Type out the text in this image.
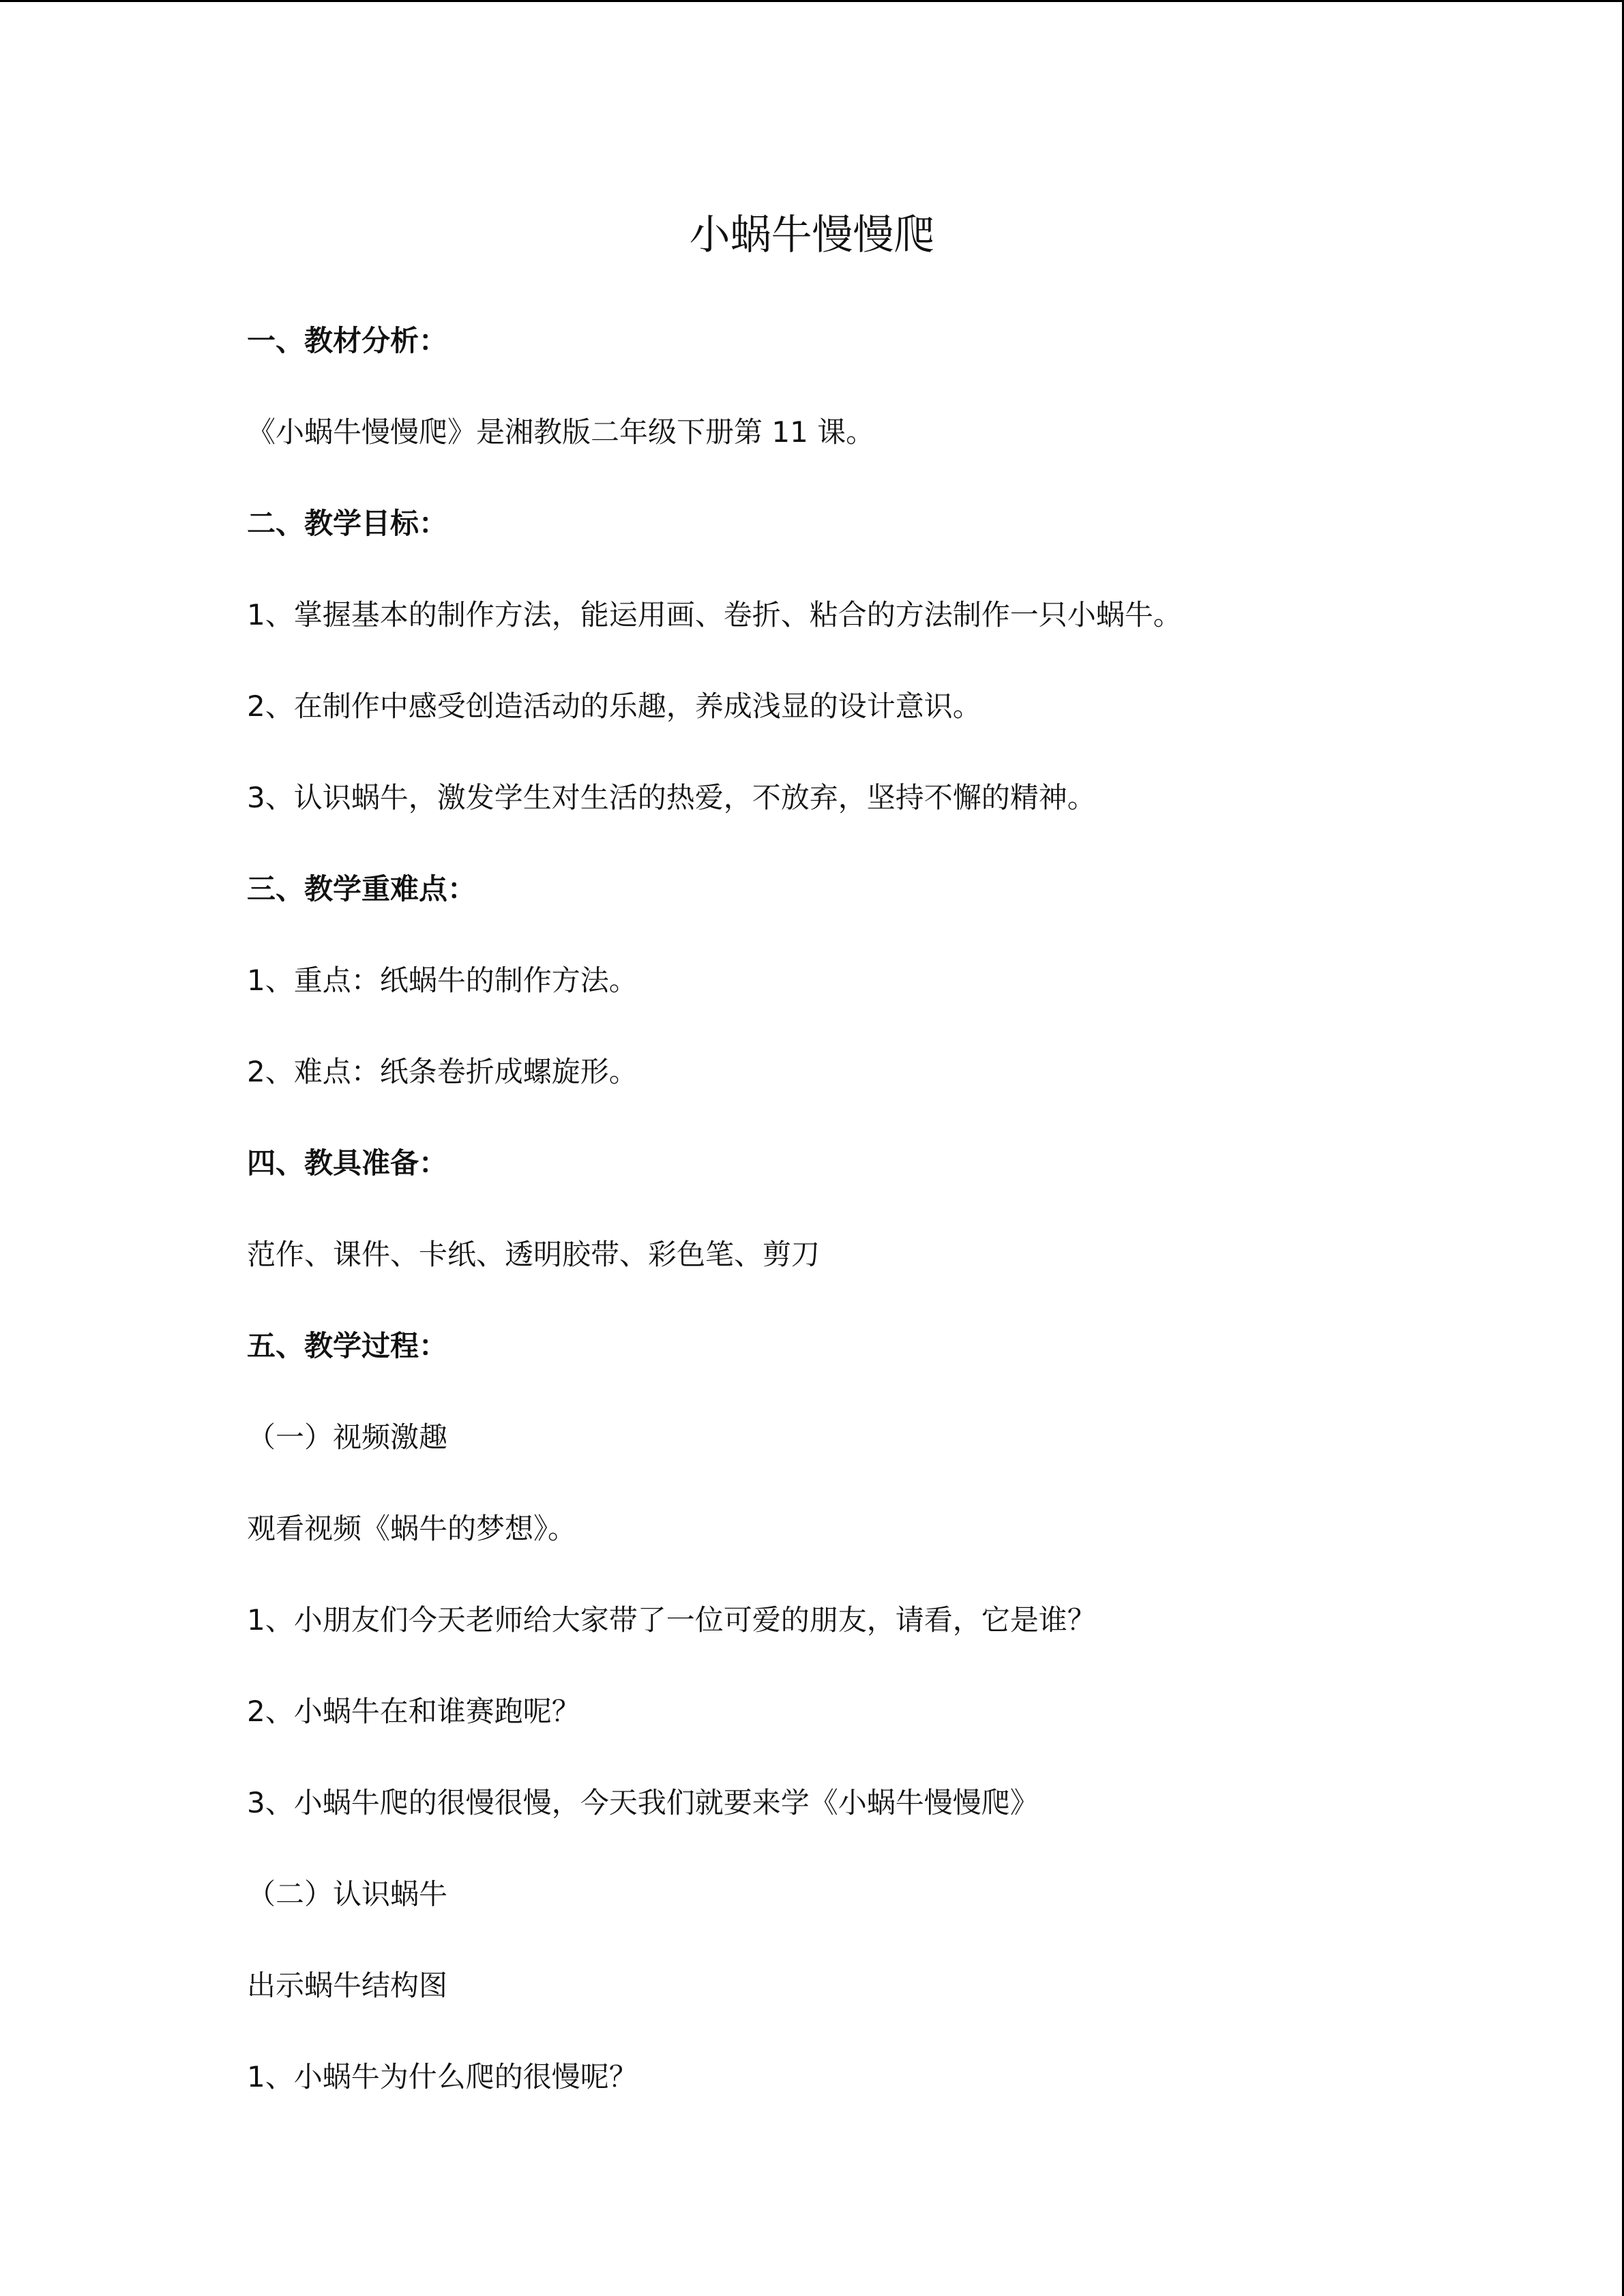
小蜗牛慢慢爬
一、教材分析：
《小蜗牛慢慢爬》是湘教版二年级下册第 11 课。
二、教学目标：
1、掌握基本的制作方法，能运用画、卷折、粘合的方法制作一只小蜗牛。
2、在制作中感受创造活动的乐趣，养成浅显的设计意识。
3、认识蜗牛，激发学生对生活的热爱，不放弃，坚持不懈的精神。
三、教学重难点：
1、重点：纸蜗牛的制作方法。
2、难点：纸条卷折成螺旋形。
四、教具准备：
范作、课件、卡纸、透明胶带、彩色笔、剪刀
五、教学过程：
（一）视频激趣
观看视频《蜗牛的梦想》。
1、小朋友们今天老师给大家带了一位可爱的朋友，请看，它是谁？
2、小蜗牛在和谁赛跑呢？
3、小蜗牛爬的很慢很慢，今天我们就要来学《小蜗牛慢慢爬》
（二）认识蜗牛
出示蜗牛结构图
1、小蜗牛为什么爬的很慢呢？
